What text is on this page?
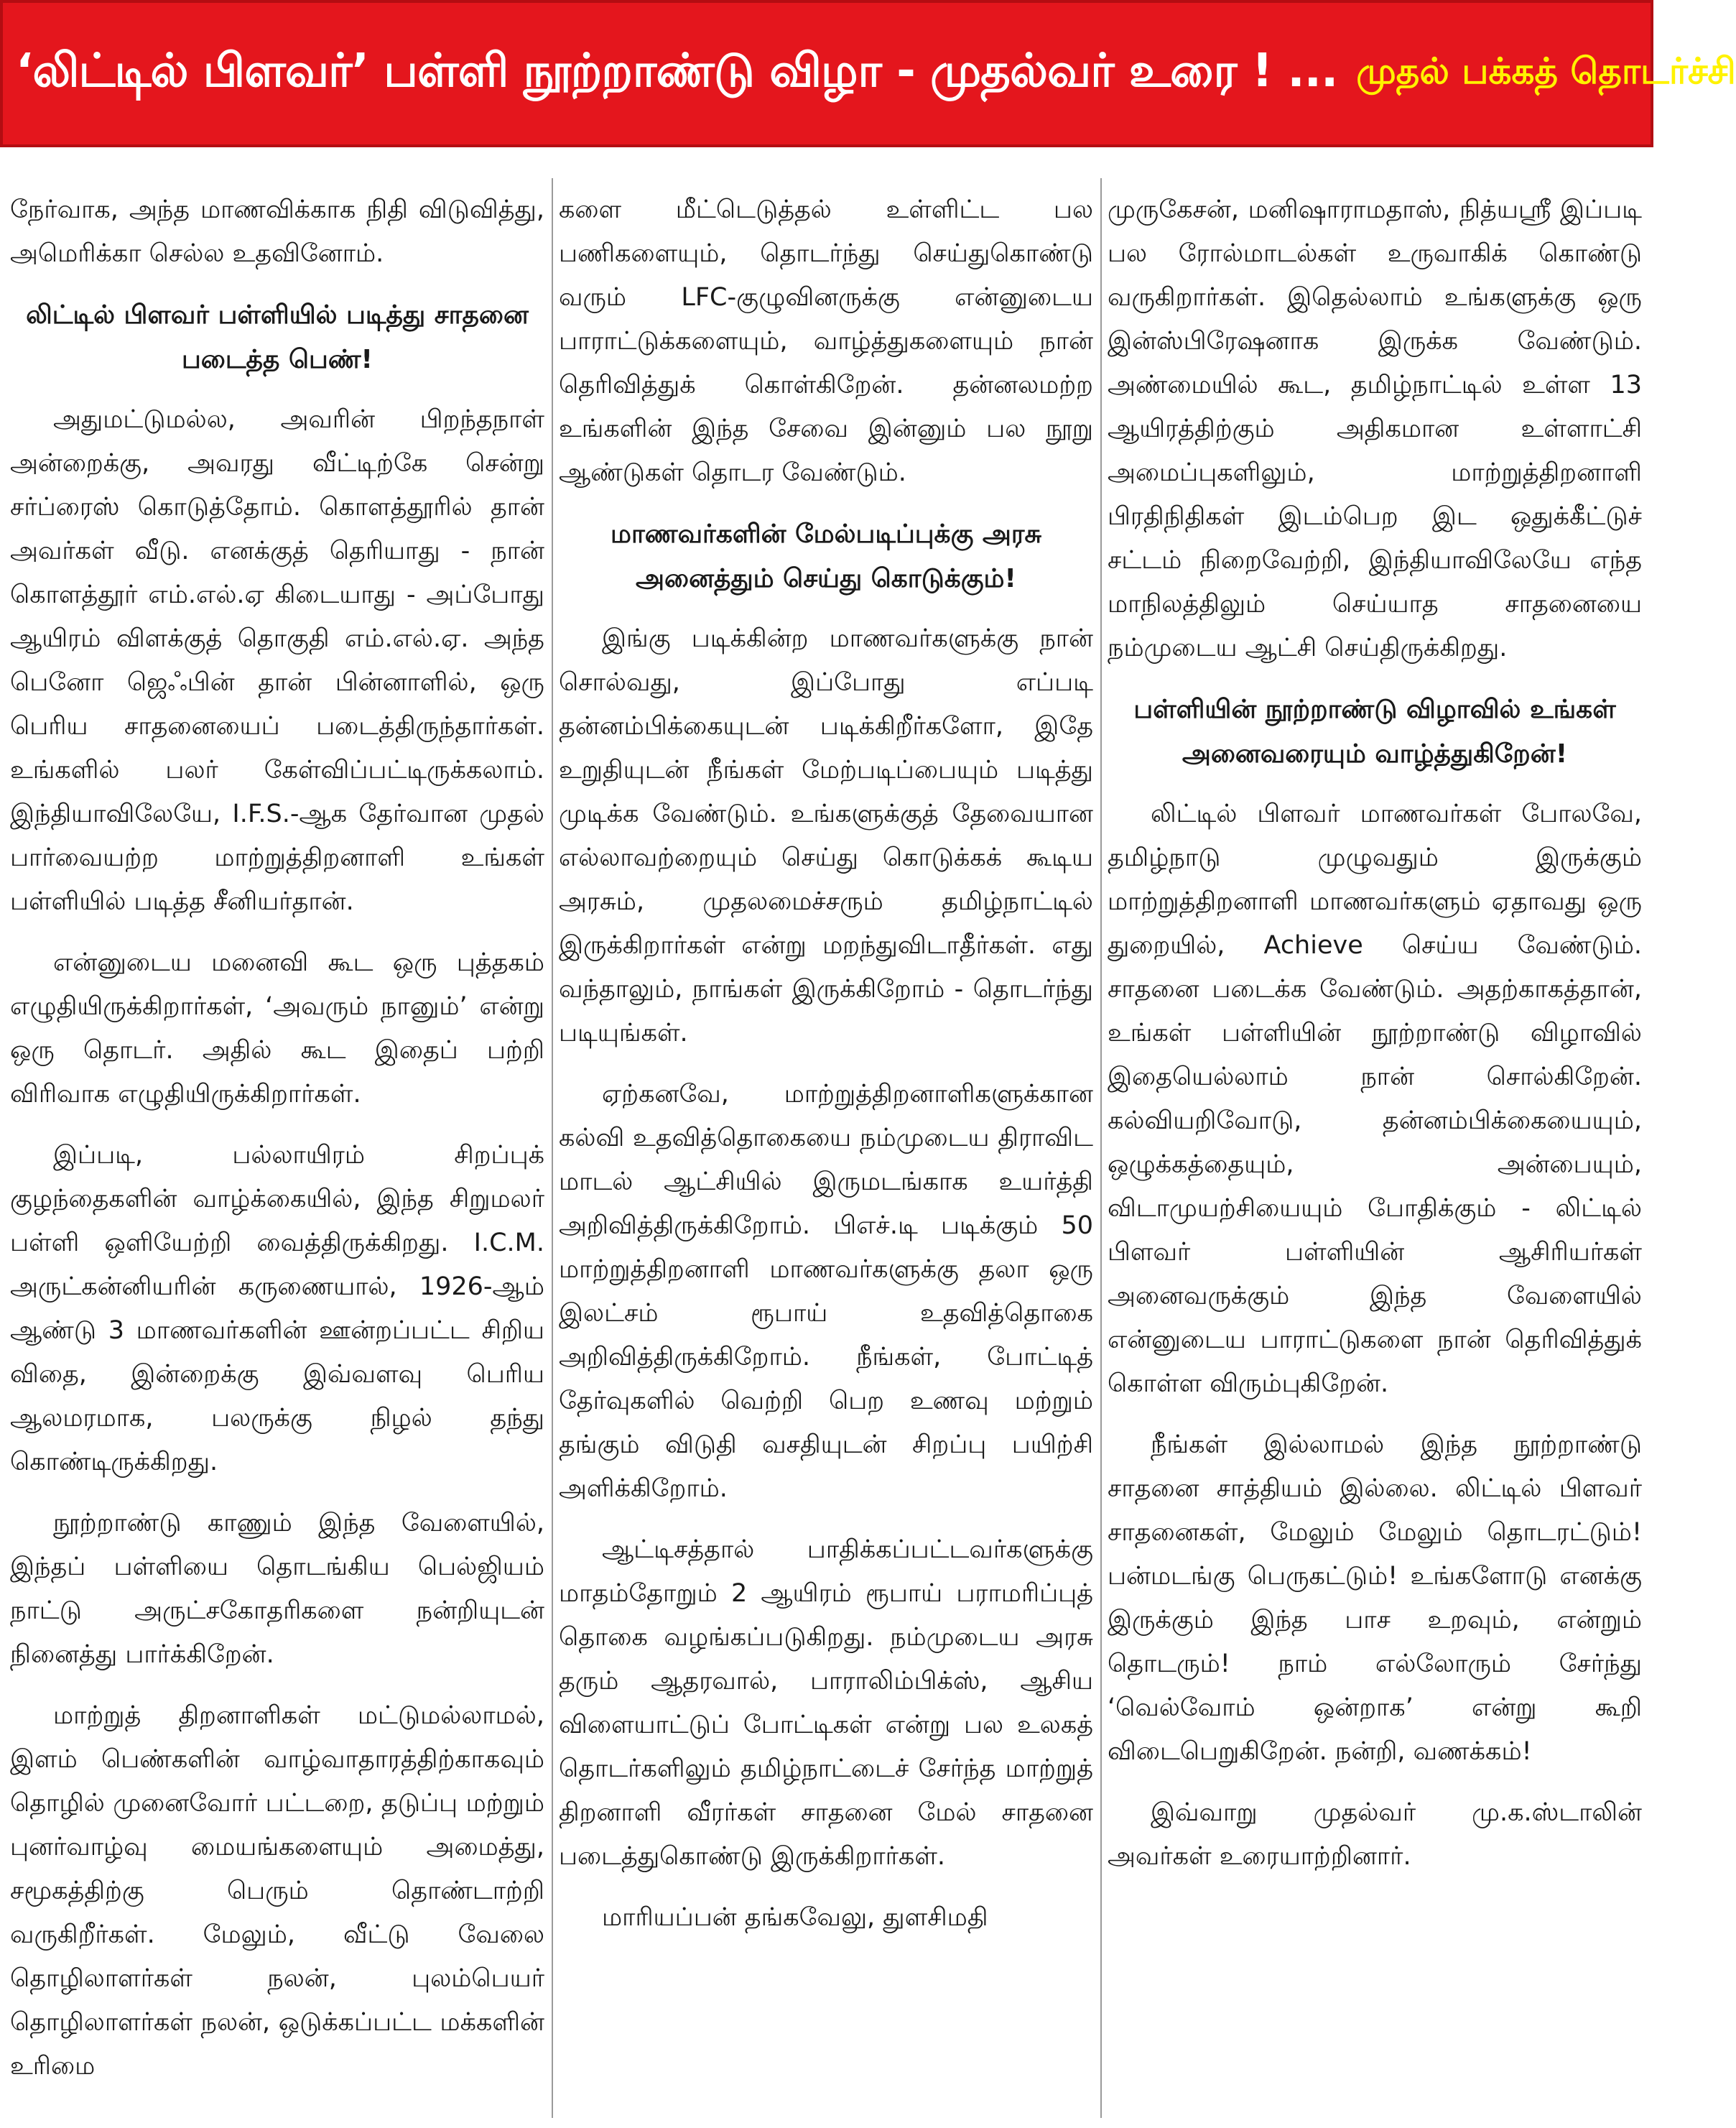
‘லிட்டில் பிளவர்’ பள்ளி நூற்றாண்டு விழா - முதல்வர் உரை ! ... முதல் பக்கத் தொடர்ச்சி

நேர்வாக, அந்த மாணவிக்காக நிதி விடுவித்து, அமெரிக்கா செல்ல உதவினோம்.

லிட்டில் பிளவர் பள்ளியில் படித்து சாதனை படைத்த பெண்!

அதுமட்டுமல்ல, அவரின் பிறந்தநாள் அன்றைக்கு, அவரது வீட்டிற்கே சென்று சர்ப்ரைஸ் கொடுத்தோம். கொளத்தூரில் தான் அவர்கள் வீடு. எனக்குத் தெரியாது - நான் கொளத்தூர் எம்.எல்.ஏ கிடையாது - அப்போது ஆயிரம் விளக்குத் தொகுதி எம்.எல்.ஏ. அந்த பெனோ ஜெஃபின் தான் பின்னாளில், ஒரு பெரிய சாதனையைப் படைத்திருந்தார்கள். உங்களில் பலர் கேள்விப்பட்டிருக்கலாம். இந்தியாவிலேயே, I.F.S.-ஆக தேர்வான முதல் பார்வையற்ற மாற்றுத்திறனாளி உங்கள் பள்ளியில் படித்த சீனியர்தான்.

என்னுடைய மனைவி கூட ஒரு புத்தகம் எழுதியிருக்கிறார்கள், ‘அவரும் நானும்’ என்று ஒரு தொடர். அதில் கூட இதைப் பற்றி விரிவாக எழுதியிருக்கிறார்கள்.

இப்படி, பல்லாயிரம் சிறப்புக் குழந்தைகளின் வாழ்க்கையில், இந்த சிறுமலர் பள்ளி ஒளியேற்றி வைத்திருக்கிறது. I.C.M. அருட்கன்னியரின் கருணையால், 1926-ஆம் ஆண்டு 3 மாணவர்களின் ஊன்றப்பட்ட சிறிய விதை, இன்றைக்கு இவ்வளவு பெரிய ஆலமரமாக, பலருக்கு நிழல் தந்து கொண்டிருக்கிறது.

நூற்றாண்டு காணும் இந்த வேளையில், இந்தப் பள்ளியை தொடங்கிய பெல்ஜியம் நாட்டு அருட்சகோதரிகளை நன்றியுடன் நினைத்து பார்க்கிறேன்.

மாற்றுத் திறனாளிகள் மட்டுமல்லாமல், இளம் பெண்களின் வாழ்வாதாரத்திற்காகவும் தொழில் முனைவோர் பட்டறை, தடுப்பு மற்றும் புனர்வாழ்வு மையங்களையும் அமைத்து, சமூகத்திற்கு பெரும் தொண்டாற்றி வருகிறீர்கள். மேலும், வீட்டு வேலை தொழிலாளர்கள் நலன், புலம்பெயர் தொழிலாளர்கள் நலன், ஒடுக்கப்பட்ட மக்களின் உரிமை

களை மீட்டெடுத்தல் உள்ளிட்ட பல பணிகளையும், தொடர்ந்து செய்துகொண்டு வரும் LFC-குழுவினருக்கு என்னுடைய பாராட்டுக்களையும், வாழ்த்துகளையும் நான் தெரிவித்துக் கொள்கிறேன். தன்னலமற்ற உங்களின் இந்த சேவை இன்னும் பல நூறு ஆண்டுகள் தொடர வேண்டும்.

மாணவர்களின் மேல்படிப்புக்கு அரசு அனைத்தும் செய்து கொடுக்கும்!

இங்கு படிக்கின்ற மாணவர்களுக்கு நான் சொல்வது, இப்போது எப்படி தன்னம்பிக்கையுடன் படிக்கிறீர்களோ, இதே உறுதியுடன் நீங்கள் மேற்படிப்பையும் படித்து முடிக்க வேண்டும். உங்களுக்குத் தேவையான எல்லாவற்றையும் செய்து கொடுக்கக் கூடிய அரசும், முதலமைச்சரும் தமிழ்நாட்டில் இருக்கிறார்கள் என்று மறந்துவிடாதீர்கள். எது வந்தாலும், நாங்கள் இருக்கிறோம் - தொடர்ந்து படியுங்கள்.

ஏற்கனவே, மாற்றுத்திறனாளிகளுக்கான கல்வி உதவித்தொகையை நம்முடைய திராவிட மாடல் ஆட்சியில் இருமடங்காக உயர்த்தி அறிவித்திருக்கிறோம். பிஎச்.டி படிக்கும் 50 மாற்றுத்திறனாளி மாணவர்களுக்கு தலா ஒரு இலட்சம் ரூபாய் உதவித்தொகை அறிவித்திருக்கிறோம். நீங்கள், போட்டித் தேர்வுகளில் வெற்றி பெற உணவு மற்றும் தங்கும் விடுதி வசதியுடன் சிறப்பு பயிற்சி அளிக்கிறோம்.

ஆட்டிசத்தால் பாதிக்கப்பட்டவர்களுக்கு மாதம்தோறும் 2 ஆயிரம் ரூபாய் பராமரிப்புத் தொகை வழங்கப்படுகிறது. நம்முடைய அரசு தரும் ஆதரவால், பாராலிம்பிக்ஸ், ஆசிய விளையாட்டுப் போட்டிகள் என்று பல உலகத் தொடர்களிலும் தமிழ்நாட்டைச் சேர்ந்த மாற்றுத் திறனாளி வீரர்கள் சாதனை மேல் சாதனை படைத்துகொண்டு இருக்கிறார்கள்.

மாரியப்பன் தங்கவேலு, துளசிமதி

முருகேசன், மனிஷாராமதாஸ், நித்யஸ்ரீ இப்படி பல ரோல்மாடல்கள் உருவாகிக் கொண்டு வருகிறார்கள். இதெல்லாம் உங்களுக்கு ஒரு இன்ஸ்பிரேஷனாக இருக்க வேண்டும். அண்மையில் கூட, தமிழ்நாட்டில் உள்ள 13 ஆயிரத்திற்கும் அதிகமான உள்ளாட்சி அமைப்புகளிலும், மாற்றுத்திறனாளி பிரதிநிதிகள் இடம்பெற இட ஒதுக்கீட்டுச் சட்டம் நிறைவேற்றி, இந்தியாவிலேயே எந்த மாநிலத்திலும் செய்யாத சாதனையை நம்முடைய ஆட்சி செய்திருக்கிறது.

பள்ளியின் நூற்றாண்டு விழாவில் உங்கள் அனைவரையும் வாழ்த்துகிறேன்!

லிட்டில் பிளவர் மாணவர்கள் போலவே, தமிழ்நாடு முழுவதும் இருக்கும் மாற்றுத்திறனாளி மாணவர்களும் ஏதாவது ஒரு துறையில், Achieve செய்ய வேண்டும். சாதனை படைக்க வேண்டும். அதற்காகத்தான், உங்கள் பள்ளியின் நூற்றாண்டு விழாவில் இதையெல்லாம் நான் சொல்கிறேன். கல்வியறிவோடு, தன்னம்பிக்கையையும், ஒழுக்கத்தையும், அன்பையும், விடாமுயற்சியையும் போதிக்கும் - லிட்டில் பிளவர் பள்ளியின் ஆசிரியர்கள் அனைவருக்கும் இந்த வேளையில் என்னுடைய பாராட்டுகளை நான் தெரிவித்துக் கொள்ள விரும்புகிறேன்.

நீங்கள் இல்லாமல் இந்த நூற்றாண்டு சாதனை சாத்தியம் இல்லை. லிட்டில் பிளவர் சாதனைகள், மேலும் மேலும் தொடரட்டும்! பன்மடங்கு பெருகட்டும்! உங்களோடு எனக்கு இருக்கும் இந்த பாச உறவும், என்றும் தொடரும்! நாம் எல்லோரும் சேர்ந்து ‘வெல்வோம் ஒன்றாக’ என்று கூறி விடைபெறுகிறேன். நன்றி, வணக்கம்!

இவ்வாறு முதல்வர் மு.க.ஸ்டாலின் அவர்கள் உரையாற்றினார்.
